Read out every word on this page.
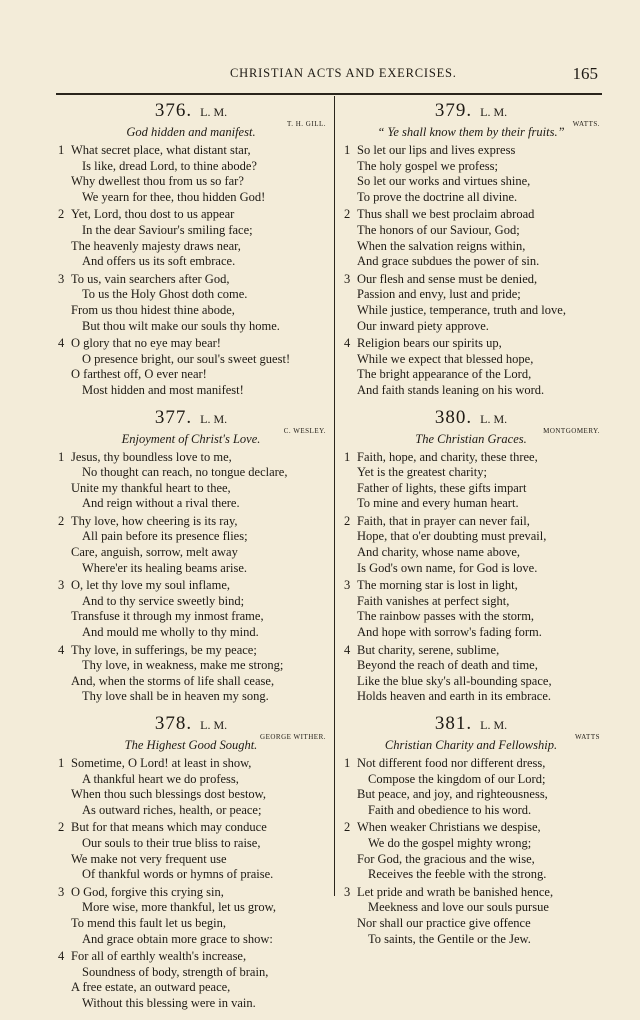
CHRISTIAN ACTS AND EXERCISES.	165
376. L. M.
T. H. GILL.
God hidden and manifest.
1 What secret place, what distant star,
Is like, dread Lord, to thine abode?
Why dwellest thou from us so far?
We yearn for thee, thou hidden God!
2 Yet, Lord, thou dost to us appear
In the dear Saviour's smiling face;
The heavenly majesty draws near,
And offers us its soft embrace.
3 To us, vain searchers after God,
To us the Holy Ghost doth come.
From us thou hidest thine abode,
But thou wilt make our souls thy home.
4 O glory that no eye may bear!
O presence bright, our soul's sweet guest!
O farthest off, O ever near!
Most hidden and most manifest!
377. L. M.
C. WESLEY.
Enjoyment of Christ's Love.
1 Jesus, thy boundless love to me,
No thought can reach, no tongue declare,
Unite my thankful heart to thee,
And reign without a rival there.
2 Thy love, how cheering is its ray,
All pain before its presence flies;
Care, anguish, sorrow, melt away
Where'er its healing beams arise.
3 O, let thy love my soul inflame,
And to thy service sweetly bind;
Transfuse it through my inmost frame,
And mould me wholly to thy mind.
4 Thy love, in sufferings, be my peace;
Thy love, in weakness, make me strong;
And, when the storms of life shall cease,
Thy love shall be in heaven my song.
378. L. M.
GEORGE WITHER.
The Highest Good Sought.
1 Sometime, O Lord! at least in show,
A thankful heart we do profess,
When thou such blessings dost bestow,
As outward riches, health, or peace;
2 But for that means which may conduce
Our souls to their true bliss to raise,
We make not very frequent use
Of thankful words or hymns of praise.
3 O God, forgive this crying sin,
More wise, more thankful, let us grow,
To mend this fault let us begin,
And grace obtain more grace to show:
4 For all of earthly wealth's increase,
Soundness of body, strength of brain,
A free estate, an outward peace,
Without this blessing were in vain.
379. L. M.
WATTS.
“ Ye shall know them by their fruits.”
1 So let our lips and lives express
The holy gospel we profess;
So let our works and virtues shine,
To prove the doctrine all divine.
2 Thus shall we best proclaim abroad
The honors of our Saviour, God;
When the salvation reigns within,
And grace subdues the power of sin.
3 Our flesh and sense must be denied,
Passion and envy, lust and pride;
While justice, temperance, truth and love,
Our inward piety approve.
4 Religion bears our spirits up,
While we expect that blessed hope,
The bright appearance of the Lord,
And faith stands leaning on his word.
380. L. M.
MONTGOMERY.
The Christian Graces.
1 Faith, hope, and charity, these three,
Yet is the greatest charity;
Father of lights, these gifts impart
To mine and every human heart.
2 Faith, that in prayer can never fail,
Hope, that o'er doubting must prevail,
And charity, whose name above,
Is God's own name, for God is love.
3 The morning star is lost in light,
Faith vanishes at perfect sight,
The rainbow passes with the storm,
And hope with sorrow's fading form.
4 But charity, serene, sublime,
Beyond the reach of death and time,
Like the blue sky's all-bounding space,
Holds heaven and earth in its embrace.
381. L. M.
WATTS
Christian Charity and Fellowship.
1 Not different food nor different dress,
Compose the kingdom of our Lord;
But peace, and joy, and righteousness,
Faith and obedience to his word.
2 When weaker Christians we despise,
We do the gospel mighty wrong;
For God, the gracious and the wise,
Receives the feeble with the strong.
3 Let pride and wrath be banished hence,
Meekness and love our souls pursue
Nor shall our practice give offence
To saints, the Gentile or the Jew.
